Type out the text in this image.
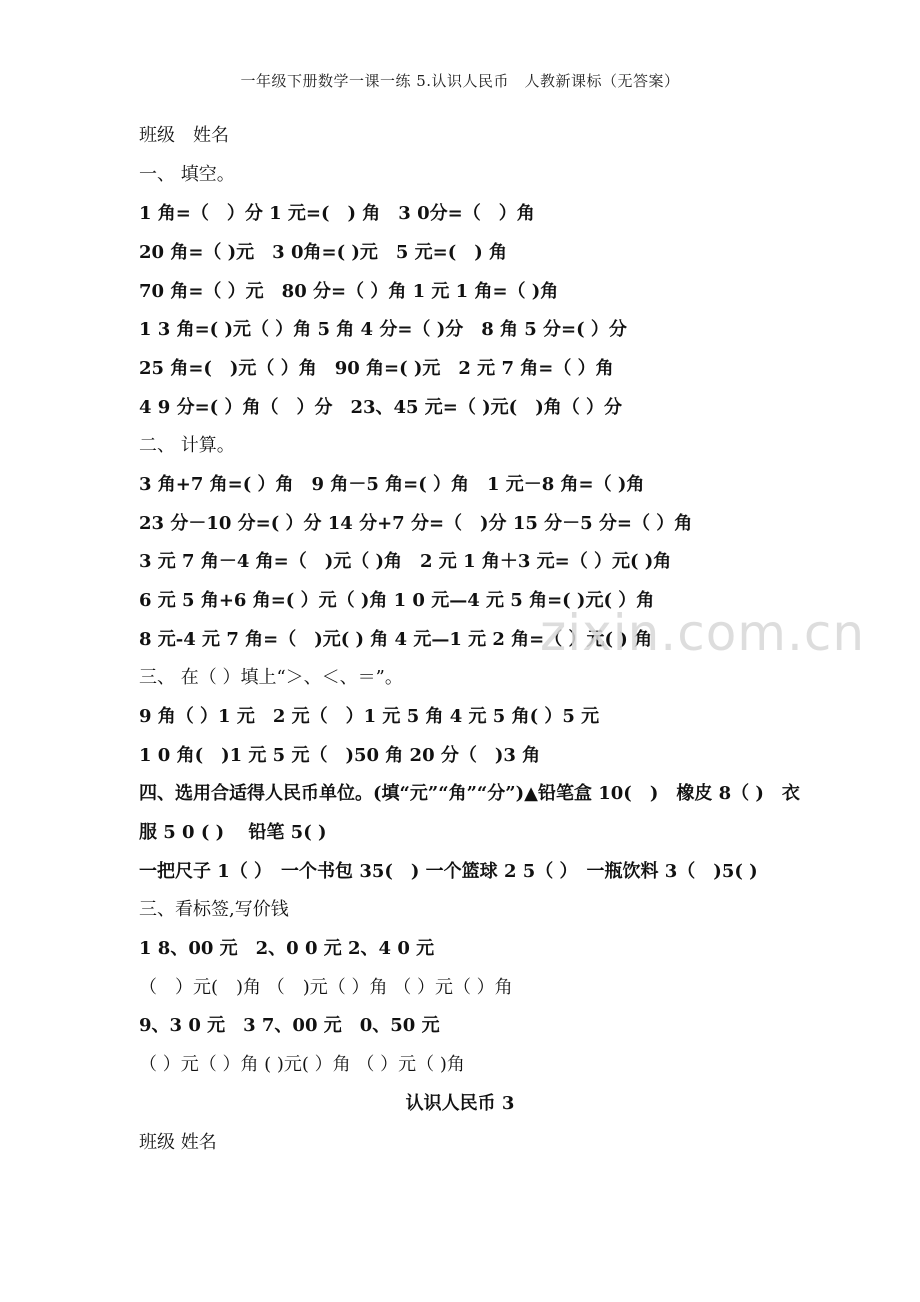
一年级下册数学一课一练 5.认识人民币　人教新课标（无答案）
班级　姓名
一、 填空。
1 角=（　）分 1 元=(　) 角　3 0分=（　）角
20 角=（ )元　3 0角=( )元　5 元=(　) 角
70 角=（ ）元　80 分=（ ）角 1 元 1 角=（ )角
1 3 角=( )元（ ）角 5 角 4 分=（ )分　8 角 5 分=( ）分
25 角=(　)元（ ）角　90 角=( )元　2 元 7 角=（ ）角
4 9 分=( ）角（　）分　23、45 元=（ )元(　)角（ ）分
二、 计算。
3 角+7 角=( ）角　9 角－5 角=( ）角　1 元－8 角=（ )角
23 分－10 分=( ）分 14 分+7 分=（　)分 15 分－5 分=（ ）角
3 元 7 角－4 角=（　)元（ )角　2 元 1 角＋3 元=（ ）元( )角
6 元 5 角+6 角=( ）元（ )角 1 0 元—4 元 5 角=( )元( ）角
8 元-4 元 7 角=（　)元( ) 角 4 元—1 元 2 角=（ ）元( ) 角
三、 在（ ）填上“＞、＜、＝”。
9 角（ ）1 元　2 元（　）1 元 5 角 4 元 5 角( ）5 元
1 0 角(　)1 元 5 元（　)50 角 20 分（　)3 角
四、选用合适得人民币单位。(填“元”“角”“分”)▲铅笔盒 10(　)　橡皮 8（ )　衣
服 5 0 ( )　 铅笔 5( )
一把尺子 1（ ）　一个书包 35(　) 一个篮球 2 5（ ）　一瓶饮料 3（　)5( )
三、看标签,写价钱
1 8、00 元　2、0 0 元 2、4 0 元
（　）元(　)角 （　)元（ ）角 （ ）元（ ）角
9、3 0 元　3 7、00 元　0、50 元
（ ）元（ ）角 ( )元( ）角 （ ）元（ )角
认识人民币 3
班级 姓名
zixin.com.cn
